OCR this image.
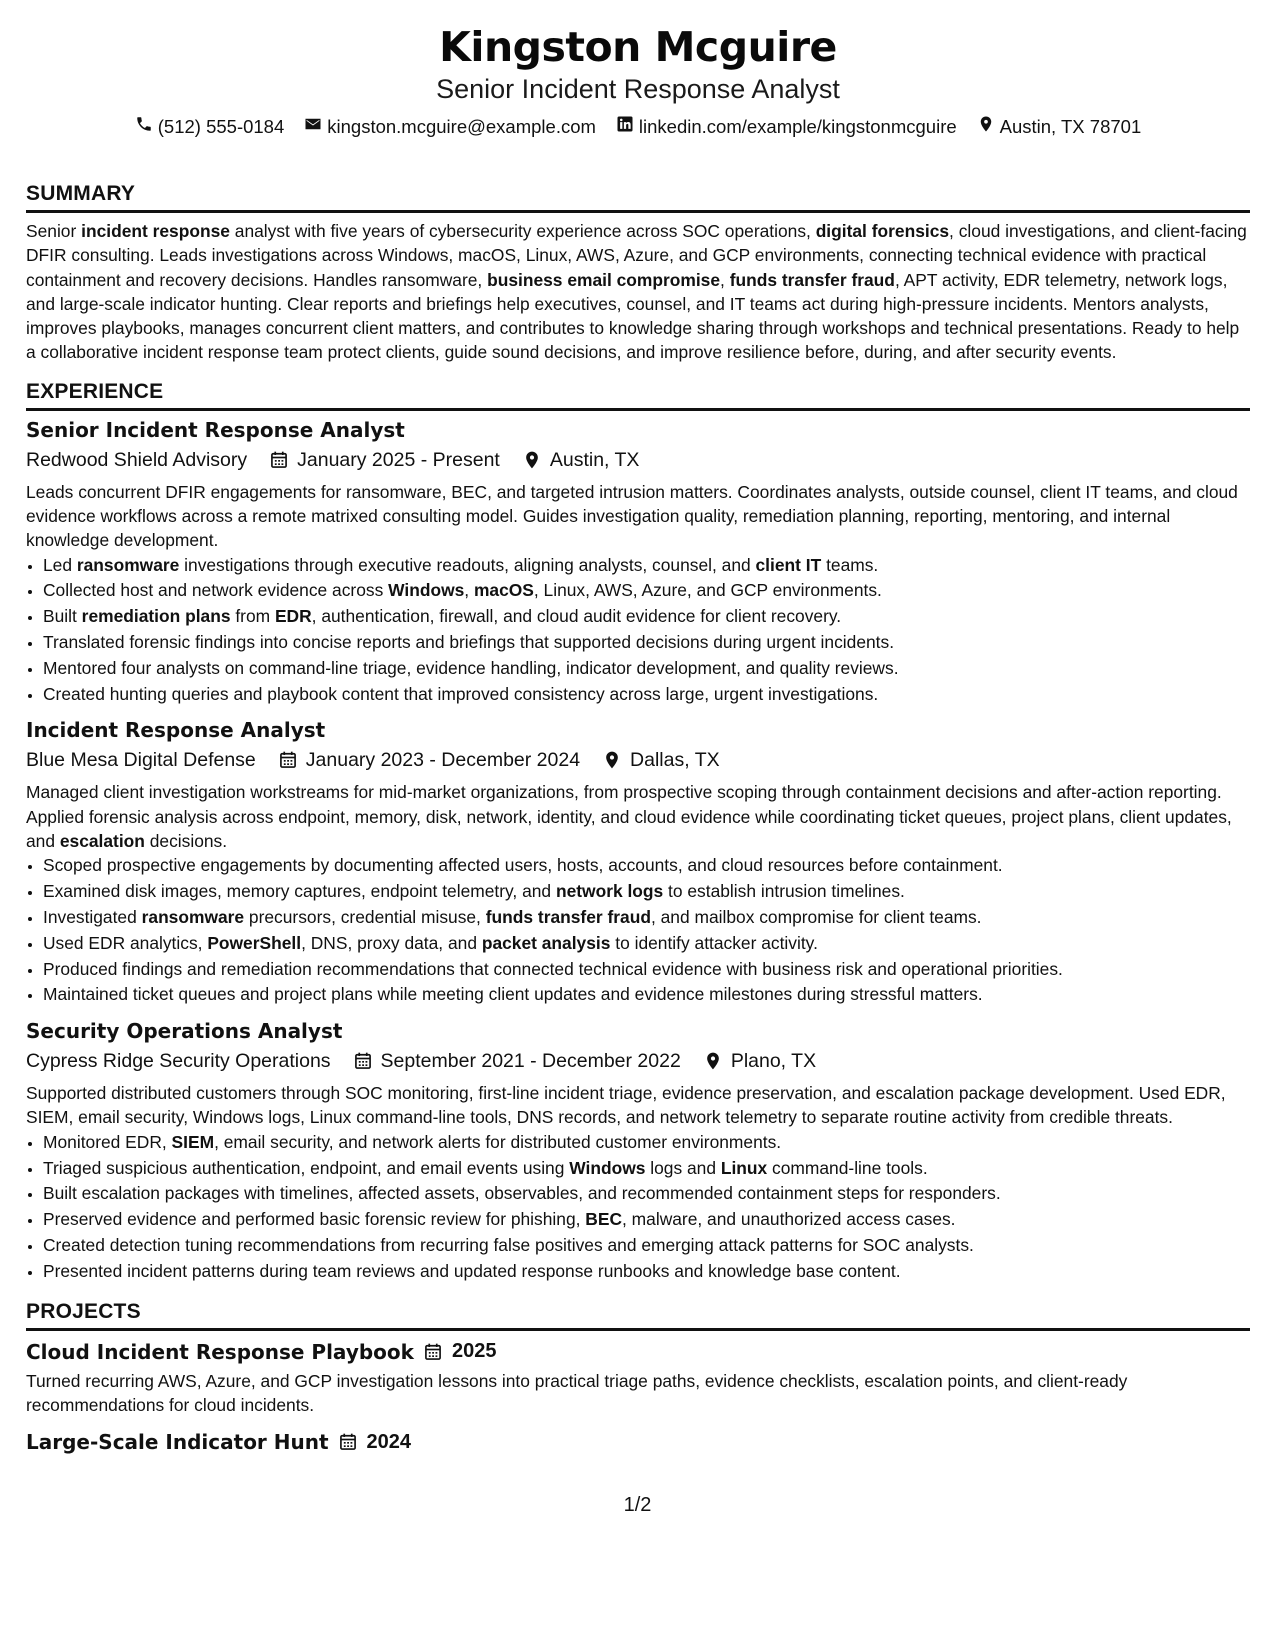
Kingston Mcguire
Senior Incident Response Analyst
(512) 555-0184 kingston.mcguire@example.com linkedin.com/example/kingstonmcguire Austin, TX 78701
SUMMARY

Senior incident response analyst with five years of cybersecurity experience across SOC operations, digital forensics, cloud investigations, and client-facing DFIR consulting. Leads investigations across Windows, macOS, Linux, AWS, Azure, and GCP environments, connecting technical evidence with practical containment and recovery decisions. Handles ransomware, business email compromise, funds transfer fraud, APT activity, EDR telemetry, network logs, and large-scale indicator hunting. Clear reports and briefings help executives, counsel, and IT teams act during high-pressure incidents. Mentors analysts, improves playbooks, manages concurrent client matters, and contributes to knowledge sharing through workshops and technical presentations. Ready to help a collaborative incident response team protect clients, guide sound decisions, and improve resilience before, during, and after security events.

EXPERIENCE
Senior Incident Response Analyst
Redwood Shield Advisory	January 2025 - Present	Austin, TX

Leads concurrent DFIR engagements for ransomware, BEC, and targeted intrusion matters. Coordinates analysts, outside counsel, client IT teams, and cloud evidence workflows across a remote matrixed consulting model. Guides investigation quality, remediation planning, reporting, mentoring, and internal knowledge development.

• Led ransomware investigations through executive readouts, aligning analysts, counsel, and client IT teams.
• Collected host and network evidence across Windows, macOS, Linux, AWS, Azure, and GCP environments.
• Built remediation plans from EDR, authentication, firewall, and cloud audit evidence for client recovery.
• Translated forensic findings into concise reports and briefings that supported decisions during urgent incidents.
• Mentored four analysts on command-line triage, evidence handling, indicator development, and quality reviews.
• Created hunting queries and playbook content that improved consistency across large, urgent investigations.
Incident Response Analyst
Blue Mesa Digital Defense	January 2023 - December 2024	Dallas, TX

Managed client investigation workstreams for mid-market organizations, from prospective scoping through containment decisions and after-action reporting. Applied forensic analysis across endpoint, memory, disk, network, identity, and cloud evidence while coordinating ticket queues, project plans, client updates, and escalation decisions.

• Scoped prospective engagements by documenting affected users, hosts, accounts, and cloud resources before containment.
• Examined disk images, memory captures, endpoint telemetry, and network logs to establish intrusion timelines.
• Investigated ransomware precursors, credential misuse, funds transfer fraud, and mailbox compromise for client teams.
• Used EDR analytics, PowerShell, DNS, proxy data, and packet analysis to identify attacker activity.
• Produced findings and remediation recommendations that connected technical evidence with business risk and operational priorities.
• Maintained ticket queues and project plans while meeting client updates and evidence milestones during stressful matters.
Security Operations Analyst
Cypress Ridge Security Operations	September 2021 - December 2022	Plano, TX

Supported distributed customers through SOC monitoring, first-line incident triage, evidence preservation, and escalation package development. Used EDR, SIEM, email security, Windows logs, Linux command-line tools, DNS records, and network telemetry to separate routine activity from credible threats.

• Monitored EDR, SIEM, email security, and network alerts for distributed customer environments.
• Triaged suspicious authentication, endpoint, and email events using Windows logs and Linux command-line tools.
• Built escalation packages with timelines, affected assets, observables, and recommended containment steps for responders.
• Preserved evidence and performed basic forensic review for phishing, BEC, malware, and unauthorized access cases.
• Created detection tuning recommendations from recurring false positives and emerging attack patterns for SOC analysts.
• Presented incident patterns during team reviews and updated response runbooks and knowledge base content.
PROJECTS
Cloud Incident Response Playbook 2025

Turned recurring AWS, Azure, and GCP investigation lessons into practical triage paths, evidence checklists, escalation points, and client-ready recommendations for cloud incidents.

Large-Scale Indicator Hunt 2024
1/2
